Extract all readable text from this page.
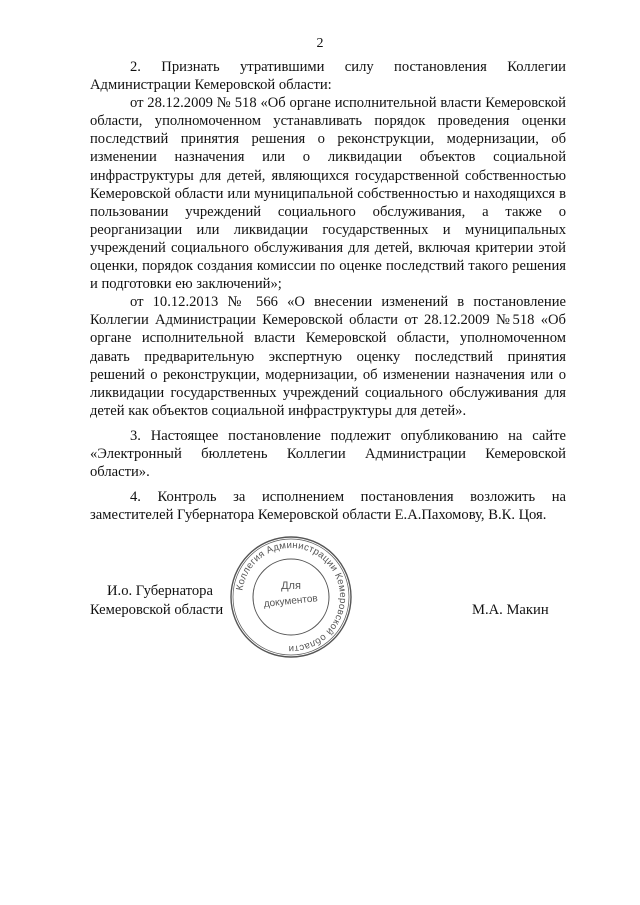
2

2. Признать утратившими силу постановления Коллегии Администрации Кемеровской области:

от 28.12.2009 № 518 «Об органе исполнительной власти Кемеровской области, уполномоченном устанавливать порядок проведения оценки последствий принятия решения о реконструкции, модернизации, об изменении назначения или о ликвидации объектов социальной инфраструктуры для детей, являющихся государственной собственностью Кемеровской области или муниципальной собственностью и находящихся в пользовании учреждений социального обслуживания, а также о реорганизации или ликвидации государственных и муниципальных учреждений социального обслуживания для детей, включая критерии этой оценки, порядок создания комиссии по оценке последствий такого решения и подготовки ею заключений»;

от 10.12.2013 № 566 «О внесении изменений в постановление Коллегии Администрации Кемеровской области от 28.12.2009 №518 «Об органе исполнительной власти Кемеровской области, уполномоченном давать предварительную экспертную оценку последствий принятия решений о реконструкции, модернизации, об изменении назначения или о ликвидации государственных учреждений социального обслуживания для детей как объектов социальной инфраструктуры для детей».

3. Настоящее постановление подлежит опубликованию на сайте «Электронный бюллетень Коллегии Администрации Кемеровской области».

4. Контроль за исполнением постановления возложить на заместителей Губернатора Кемеровской области Е.А.Пахомову, В.К. Цоя.

Коллегия Администрации Кемеровской области
Для
документов
И.о. Губернатора
Кемеровской области	М.А. Макин
